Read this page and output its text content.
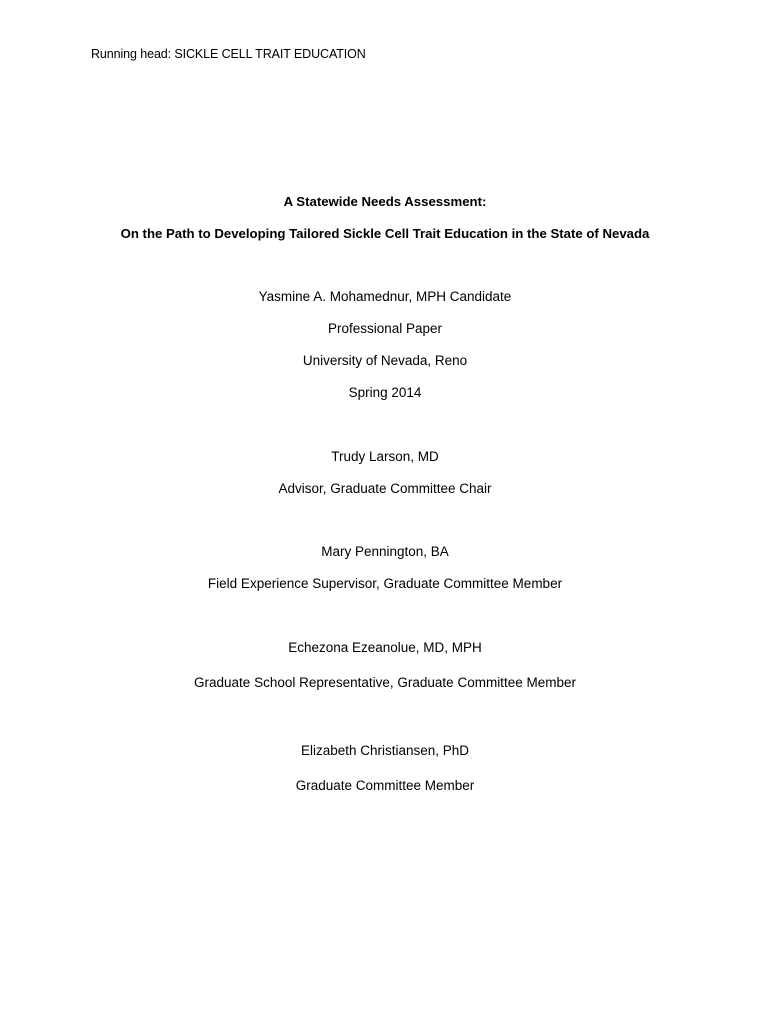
Running head: SICKLE CELL TRAIT EDUCATION
A Statewide Needs Assessment:
On the Path to Developing Tailored Sickle Cell Trait Education in the State of Nevada
Yasmine A. Mohamednur, MPH Candidate
Professional Paper
University of Nevada, Reno
Spring 2014
Trudy Larson, MD
Advisor, Graduate Committee Chair
Mary Pennington, BA
Field Experience Supervisor, Graduate Committee Member
Echezona Ezeanolue, MD, MPH
Graduate School Representative, Graduate Committee Member
Elizabeth Christiansen, PhD
Graduate Committee Member
